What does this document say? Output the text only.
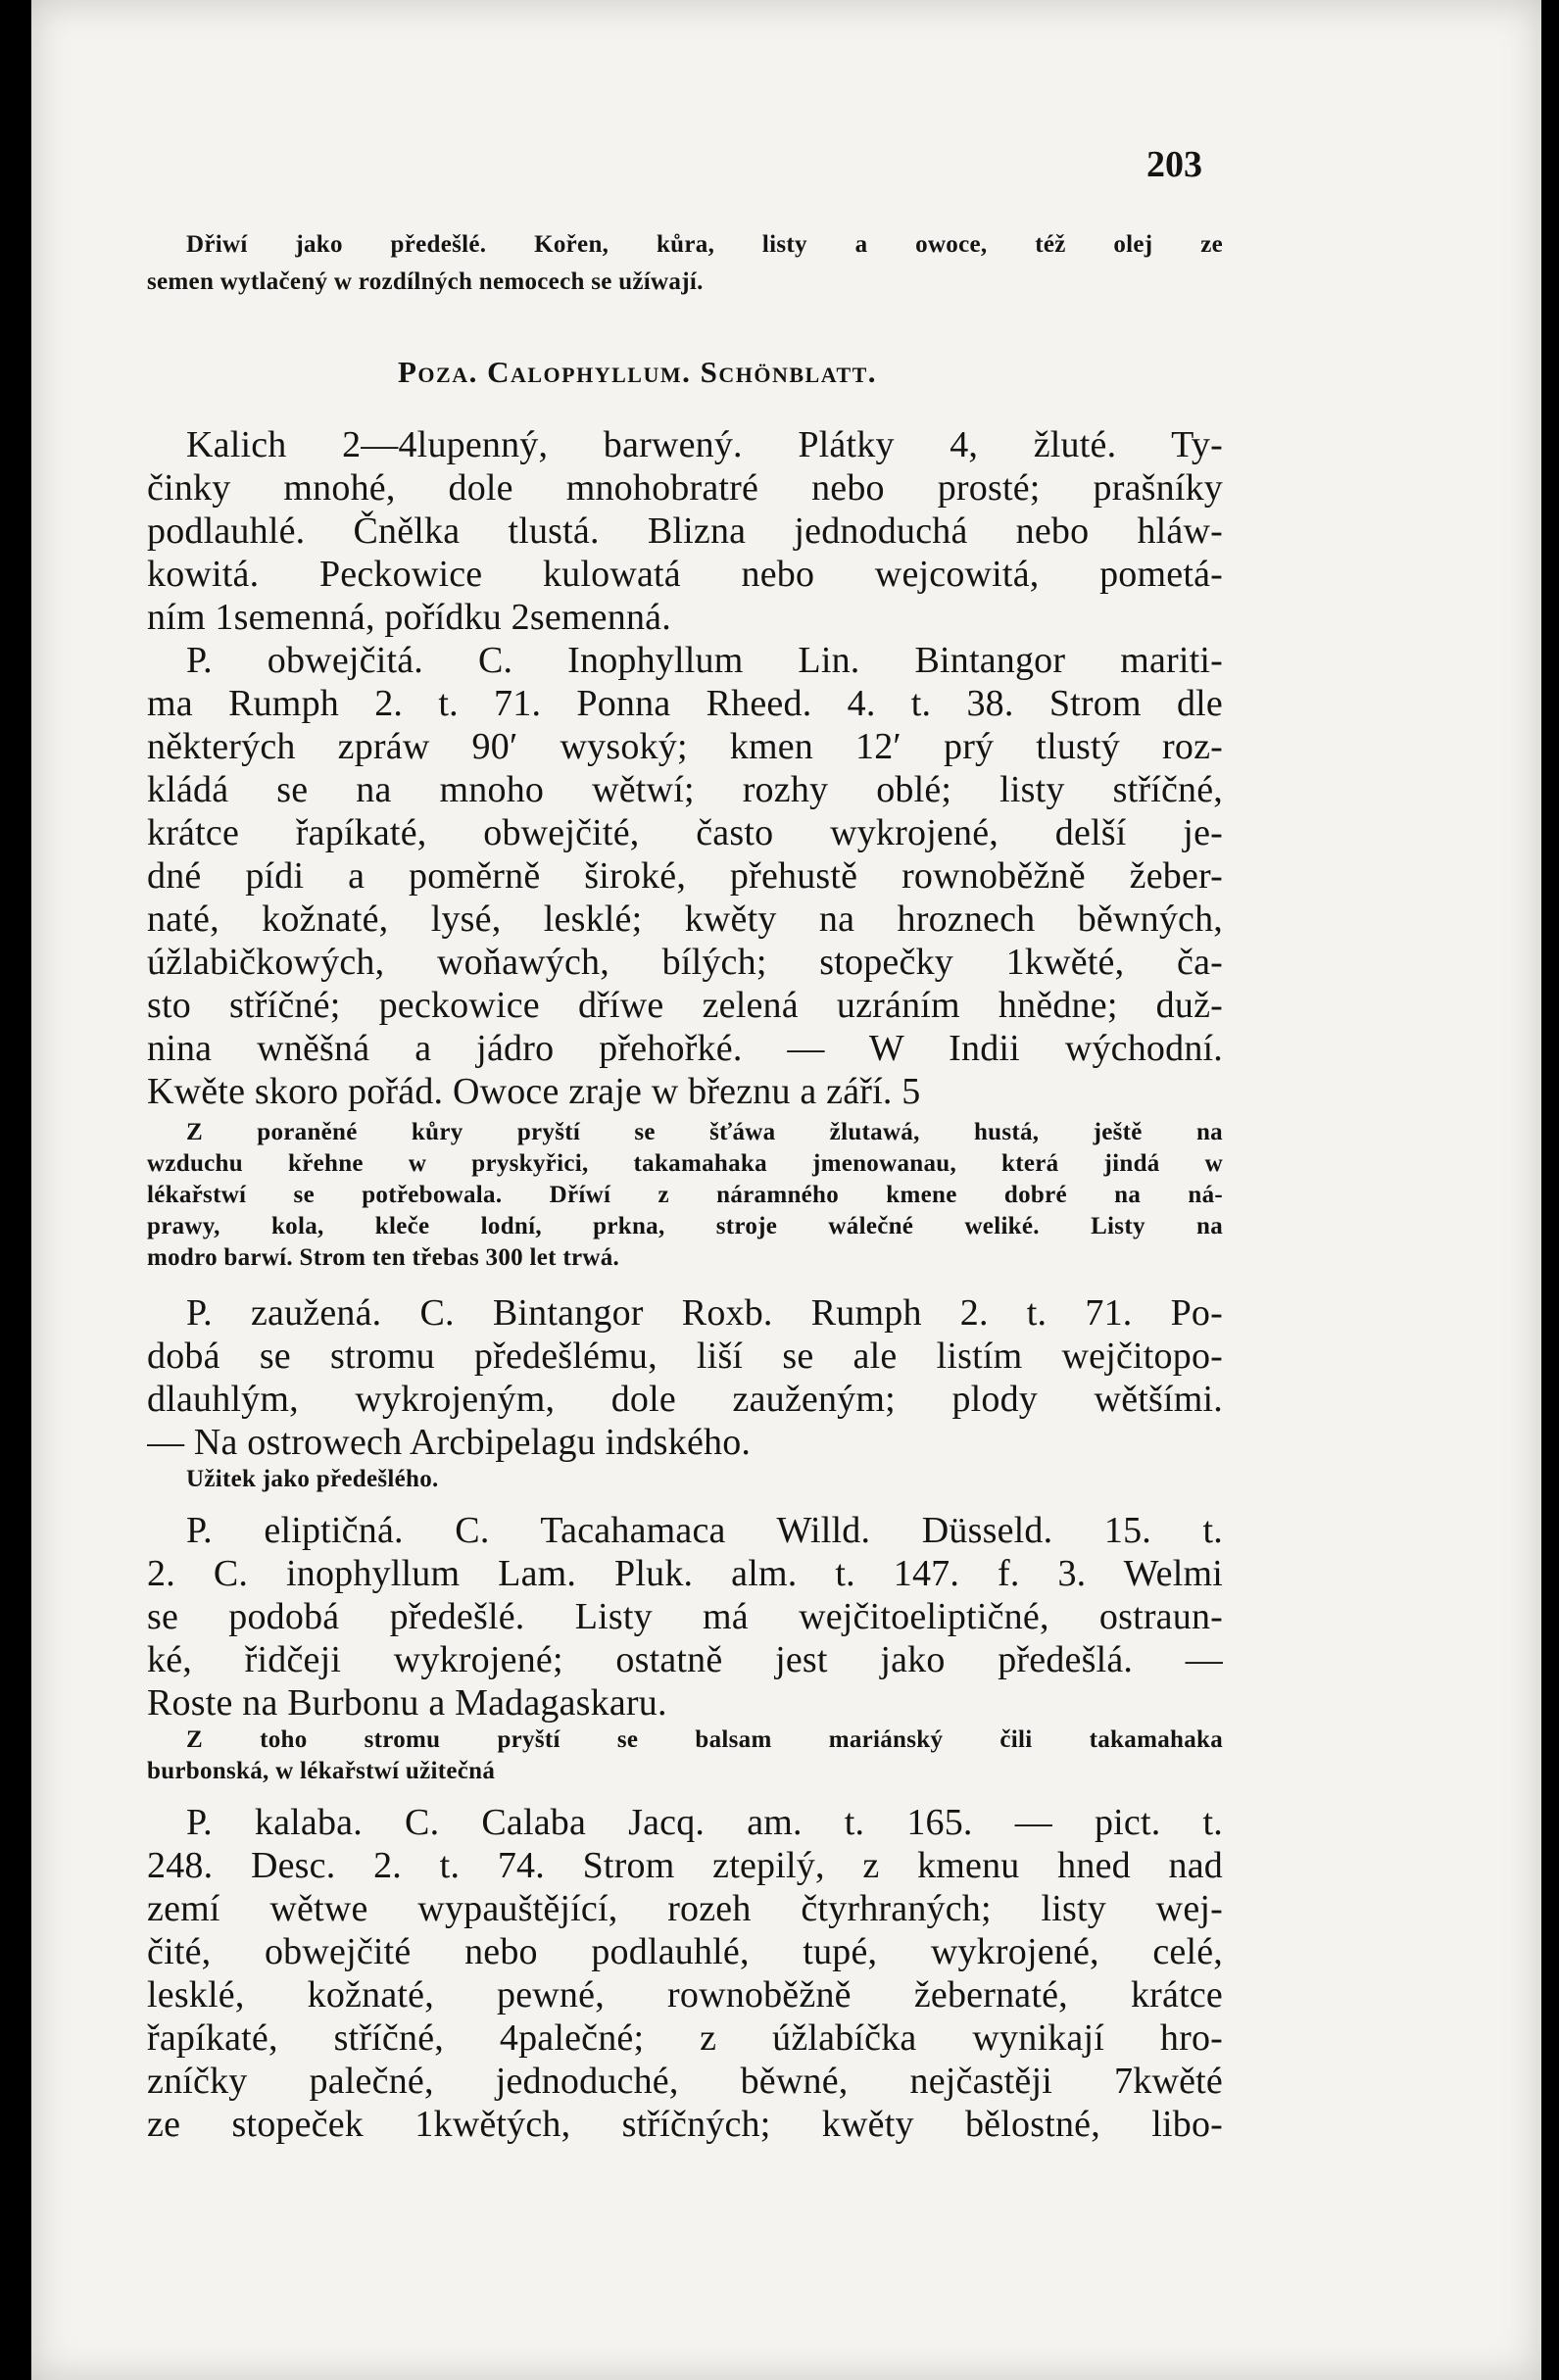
203
Dřiwí jako předešlé. Kořen, kůra, listy a owoce, též olej ze
semen wytlačený w rozdílných nemocech se užíwají.
Poza. Calophyllum. Schönblatt.
Kalich 2—4lupenný, barwený. Plátky 4, žluté. Ty-
činky mnohé, dole mnohobratré nebo prosté; prašníky
podlauhlé. Čnělka tlustá. Blizna jednoduchá nebo hláw-
kowitá. Peckowice kulowatá nebo wejcowitá, pometá-
ním 1semenná, pořídku 2semenná.
P. obwejčitá. C. Inophyllum Lin. Bintangor mariti-
ma Rumph 2. t. 71. Ponna Rheed. 4. t. 38. Strom dle
některých zpráw 90′ wysoký; kmen 12′ prý tlustý roz-
kládá se na mnoho wětwí; rozhy oblé; listy stříčné,
krátce řapíkaté, obwejčité, často wykrojené, delší je-
dné pídi a poměrně široké, přehustě rownoběžně žeber-
naté, kožnaté, lysé, lesklé; kwěty na hroznech běwných,
úžlabičkowých, woňawých, bílých; stopečky 1kwěté, ča-
sto stříčné; peckowice dříwe zelená uzráním hnědne; duž-
nina wněšná a jádro přehořké. — W Indii wýchodní.
Kwěte skoro pořád. Owoce zraje w březnu a září. 5
Z poraněné kůry pryští se šťáwa žlutawá, hustá, ještě na
wzduchu křehne w pryskyřici, takamahaka jmenowanau, která jindá w
lékařstwí se potřebowala. Dříwí z náramného kmene dobré na ná-
prawy, kola, kleče lodní, prkna, stroje wálečné weliké. Listy na
modro barwí. Strom ten třebas 300 let trwá.
P. zaužená. C. Bintangor Roxb. Rumph 2. t. 71. Po-
dobá se stromu předešlému, liší se ale listím wejčitopo-
dlauhlým, wykrojeným, dole zauženým; plody wětšími.
— Na ostrowech Arcbipelagu indského.
Užitek jako předešlého.
P. eliptičná. C. Tacahamaca Willd. Düsseld. 15. t.
2. C. inophyllum Lam. Pluk. alm. t. 147. f. 3. Welmi
se podobá předešlé. Listy má wejčitoeliptičné, ostraun-
ké, řidčeji wykrojené; ostatně jest jako předešlá. —
Roste na Burbonu a Madagaskaru.
Z toho stromu pryští se balsam mariánský čili takamahaka
burbonská, w lékařstwí užitečná
P. kalaba. C. Calaba Jacq. am. t. 165. — pict. t.
248. Desc. 2. t. 74. Strom ztepilý, z kmenu hned nad
zemí wětwe wypauštějící, rozeh čtyrhraných; listy wej-
čité, obwejčité nebo podlauhlé, tupé, wykrojené, celé,
lesklé, kožnaté, pewné, rownoběžně žebernaté, krátce
řapíkaté, stříčné, 4palečné; z úžlabíčka wynikají hro-
zníčky palečné, jednoduché, běwné, nejčastěji 7kwěté
ze stopeček 1kwětých, stříčných; kwěty bělostné, libo-
